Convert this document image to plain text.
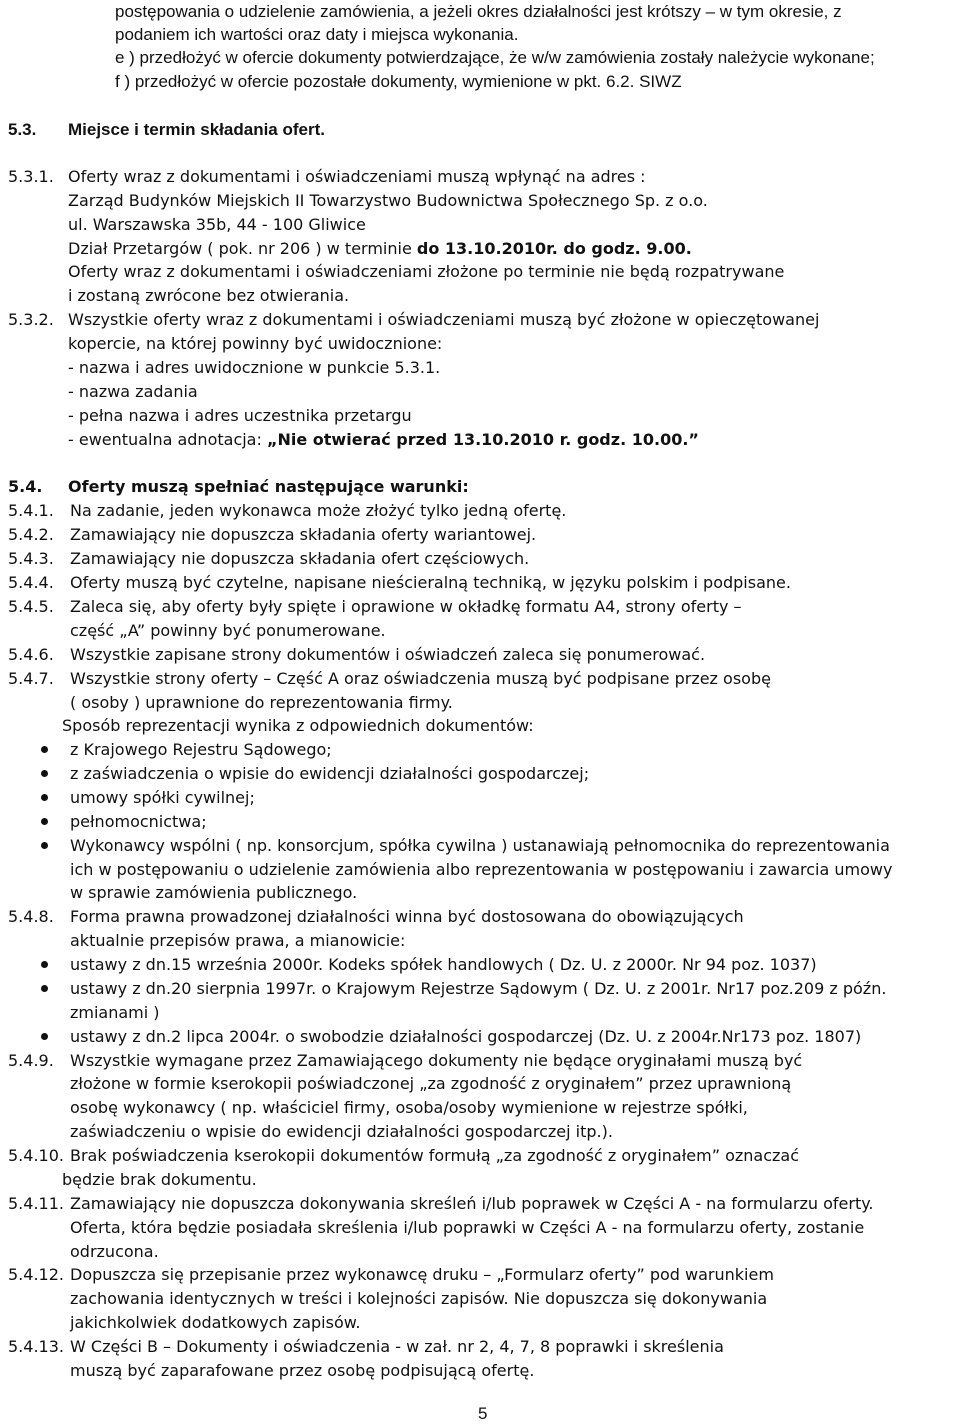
postępowania o udzielenie zamówienia, a jeżeli okres działalności jest krótszy – w tym okresie, z
podaniem ich wartości oraz daty i miejsca wykonania.
e ) przedłożyć w ofercie dokumenty potwierdzające, że w/w zamówienia zostały należycie wykonane;
f ) przedłożyć w ofercie pozostałe dokumenty, wymienione w pkt. 6.2. SIWZ
5.3. Miejsce i termin składania ofert.
5.3.1. Oferty wraz z dokumentami i oświadczeniami muszą wpłynąć na adres :
Zarząd Budynków Miejskich II Towarzystwo Budownictwa Społecznego Sp. z o.o.
ul. Warszawska 35b, 44 - 100 Gliwice
Dział Przetargów ( pok. nr 206 ) w terminie do 13.10.2010r. do godz. 9.00.
Oferty wraz z dokumentami i oświadczeniami złożone po terminie nie będą rozpatrywane
i zostaną zwrócone bez otwierania.
5.3.2. Wszystkie oferty wraz z dokumentami i oświadczeniami muszą być złożone w opieczętowanej
kopercie, na której powinny być uwidocznione:
- nazwa i adres uwidocznione w punkcie 5.3.1.
- nazwa zadania
- pełna nazwa i adres uczestnika przetargu
- ewentualna adnotacja: „Nie otwierać przed 13.10.2010 r. godz. 10.00.”
5.4. Oferty muszą spełniać następujące warunki:
5.4.1. Na zadanie, jeden wykonawca może złożyć tylko jedną ofertę.
5.4.2. Zamawiający nie dopuszcza składania oferty wariantowej.
5.4.3. Zamawiający nie dopuszcza składania ofert częściowych.
5.4.4. Oferty muszą być czytelne, napisane nieścieralną techniką, w języku polskim i podpisane.
5.4.5. Zaleca się, aby oferty były spięte i oprawione w okładkę formatu A4, strony oferty –
część „A” powinny być ponumerowane.
5.4.6. Wszystkie zapisane strony dokumentów i oświadczeń zaleca się ponumerować.
5.4.7. Wszystkie strony oferty – Część A oraz oświadczenia muszą być podpisane przez osobę
( osoby ) uprawnione do reprezentowania firmy.
Sposób reprezentacji wynika z odpowiednich dokumentów:
z Krajowego Rejestru Sądowego;
z zaświadczenia o wpisie do ewidencji działalności gospodarczej;
umowy spółki cywilnej;
pełnomocnictwa;
Wykonawcy wspólni ( np. konsorcjum, spółka cywilna ) ustanawiają pełnomocnika do reprezentowania
ich w postępowaniu o udzielenie zamówienia albo reprezentowania w postępowaniu i zawarcia umowy
w sprawie zamówienia publicznego.
5.4.8. Forma prawna prowadzonej działalności winna być dostosowana do obowiązujących
aktualnie przepisów prawa, a mianowicie:
ustawy z dn.15 września 2000r. Kodeks spółek handlowych ( Dz. U. z 2000r. Nr 94 poz. 1037)
ustawy z dn.20 sierpnia 1997r. o Krajowym Rejestrze Sądowym ( Dz. U. z 2001r. Nr17 poz.209 z późn.
zmianami )
ustawy z dn.2 lipca 2004r. o swobodzie działalności gospodarczej (Dz. U. z 2004r.Nr173 poz. 1807)
5.4.9. Wszystkie wymagane przez Zamawiającego dokumenty nie będące oryginałami muszą być
złożone w formie kserokopii poświadczonej „za zgodność z oryginałem” przez uprawnioną
osobę wykonawcy ( np. właściciel firmy, osoba/osoby wymienione w rejestrze spółki,
zaświadczeniu o wpisie do ewidencji działalności gospodarczej itp.).
5.4.10. Brak poświadczenia kserokopii dokumentów formułą „za zgodność z oryginałem” oznaczać
będzie brak dokumentu.
5.4.11. Zamawiający nie dopuszcza dokonywania skreśleń i/lub poprawek w Części A - na formularzu oferty.
Oferta, która będzie posiadała skreślenia i/lub poprawki w Części A - na formularzu oferty, zostanie
odrzucona.
5.4.12. Dopuszcza się przepisanie przez wykonawcę druku – „Formularz oferty” pod warunkiem
zachowania identycznych w treści i kolejności zapisów. Nie dopuszcza się dokonywania
jakichkolwiek dodatkowych zapisów.
5.4.13. W Części B – Dokumenty i oświadczenia - w zał. nr 2, 4, 7, 8 poprawki i skreślenia
muszą być zaparafowane przez osobę podpisującą ofertę.
5
